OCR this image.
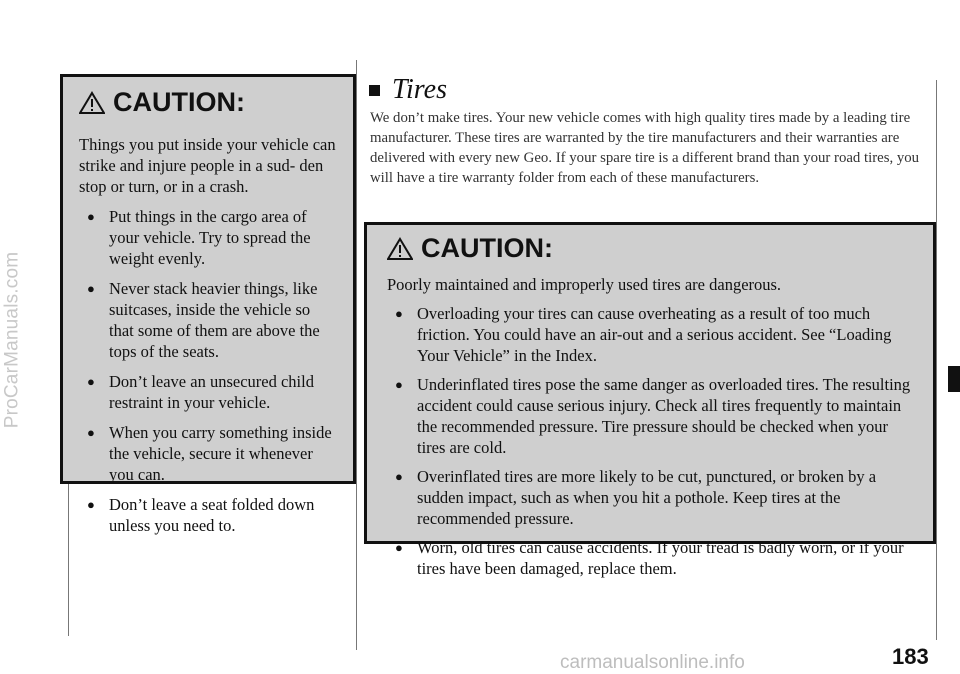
ProCarManuals.com
CAUTION:
Things you put inside your vehicle can strike and injure people in a sud- den stop or turn, or in a crash.
● Put things in the cargo area of your vehicle. Try to spread the weight evenly.
● Never stack heavier things, like suitcases, inside the vehicle so that some of them are above the tops of the seats.
● Don’t leave an unsecured child restraint in your vehicle.
● When you carry something inside the vehicle, secure it whenever you can.
● Don’t leave a seat folded down unless you need to.
Tires
We don’t make tires. Your new vehicle comes with high quality tires made by a leading tire manufacturer. These tires are warranted by the tire manufacturers and their warranties are delivered with every new Geo. If your spare tire is a different brand than your road tires, you will have a tire warranty folder from each of these manufacturers.
CAUTION:
Poorly maintained and improperly used tires are dangerous.
● Overloading your tires can cause overheating as a result of too much friction. You could have an air-out and a serious accident. See “Loading Your Vehicle” in the Index.
● Underinflated tires pose the same danger as overloaded tires. The resulting accident could cause serious injury. Check all tires frequently to maintain the recommended pressure. Tire pressure should be checked when your tires are cold.
● Overinflated tires are more likely to be cut, punctured, or broken by a sudden impact, such as when you hit a pothole. Keep tires at the recommended pressure.
● Worn, old tires can cause accidents. If your tread is badly worn, or if your tires have been damaged, replace them.
carmanualsonline.info	183
